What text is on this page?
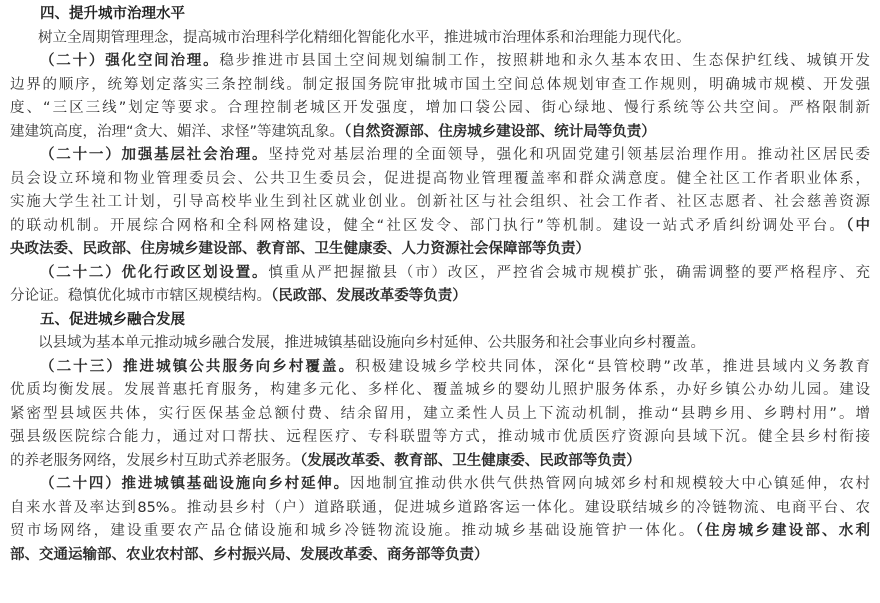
四、提升城市治理水平
树立全周期管理理念，提高城市治理科学化精细化智能化水平，推进城市治理体系和治理能力现代化。
（二十）强化空间治理。稳步推进市县国土空间规划编制工作，按照耕地和永久基本农田、生态保护红线、城镇开发
边界的顺序，统筹划定落实三条控制线。制定报国务院审批城市国土空间总体规划审查工作规则，明确城市规模、开发强
度、“三区三线”划定等要求。合理控制老城区开发强度，增加口袋公园、街心绿地、慢行系统等公共空间。严格限制新
建建筑高度，治理“贪大、媚洋、求怪”等建筑乱象。（自然资源部、住房城乡建设部、统计局等负责）
（二十一）加强基层社会治理。坚持党对基层治理的全面领导，强化和巩固党建引领基层治理作用。推动社区居民委
员会设立环境和物业管理委员会、公共卫生委员会，促进提高物业管理覆盖率和群众满意度。健全社区工作者职业体系，
实施大学生社工计划，引导高校毕业生到社区就业创业。创新社区与社会组织、社会工作者、社区志愿者、社会慈善资源
的联动机制。开展综合网格和全科网格建设，健全“社区发令、部门执行”等机制。建设一站式矛盾纠纷调处平台。（中
央政法委、民政部、住房城乡建设部、教育部、卫生健康委、人力资源社会保障部等负责）
（二十二）优化行政区划设置。慎重从严把握撤县（市）改区，严控省会城市规模扩张，确需调整的要严格程序、充
分论证。稳慎优化城市市辖区规模结构。（民政部、发展改革委等负责）
五、促进城乡融合发展
以县域为基本单元推动城乡融合发展，推进城镇基础设施向乡村延伸、公共服务和社会事业向乡村覆盖。
（二十三）推进城镇公共服务向乡村覆盖。积极建设城乡学校共同体，深化“县管校聘”改革，推进县域内义务教育
优质均衡发展。发展普惠托育服务，构建多元化、多样化、覆盖城乡的婴幼儿照护服务体系，办好乡镇公办幼儿园。建设
紧密型县域医共体，实行医保基金总额付费、结余留用，建立柔性人员上下流动机制，推动“县聘乡用、乡聘村用”。增
强县级医院综合能力，通过对口帮扶、远程医疗、专科联盟等方式，推动城市优质医疗资源向县域下沉。健全县乡村衔接
的养老服务网络，发展乡村互助式养老服务。（发展改革委、教育部、卫生健康委、民政部等负责）
（二十四）推进城镇基础设施向乡村延伸。因地制宜推动供水供气供热管网向城郊乡村和规模较大中心镇延伸，农村
自来水普及率达到85%。推动县乡村（户）道路联通，促进城乡道路客运一体化。建设联结城乡的冷链物流、电商平台、农
贸市场网络，建设重要农产品仓储设施和城乡冷链物流设施。推动城乡基础设施管护一体化。（住房城乡建设部、水利
部、交通运输部、农业农村部、乡村振兴局、发展改革委、商务部等负责）
